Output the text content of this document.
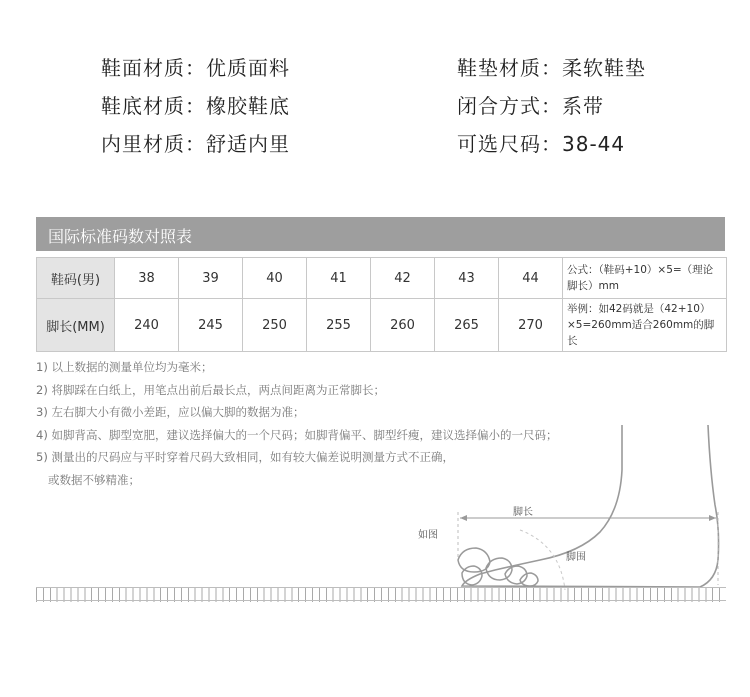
鞋面材质：优质面料	鞋垫材质：柔软鞋垫
鞋底材质：橡胶鞋底	闭合方式：系带
内里材质：舒适内里	可选尺码：38-44
国际标准码数对照表
鞋码(男)	38	39	40	41	42	43	44	公式：（鞋码+10）×5=（理论脚长）mm
脚长(MM)	240	245	250	255	260	265	270	举例：如42码就是（42+10）×5=260mm适合260mm的脚长
1) 以上数据的测量单位均为毫米；
2) 将脚踩在白纸上，用笔点出前后最长点，两点间距离为正常脚长；
3) 左右脚大小有微小差距，应以偏大脚的数据为准；
4) 如脚背高、脚型宽肥，建议选择偏大的一个尺码；如脚背偏平、脚型纤瘦，建议选择偏小的一尺码；
5) 测量出的尺码应与平时穿着尺码大致相同，如有较大偏差说明测量方式不正确，
或数据不够精准；
脚长
如图
脚围
